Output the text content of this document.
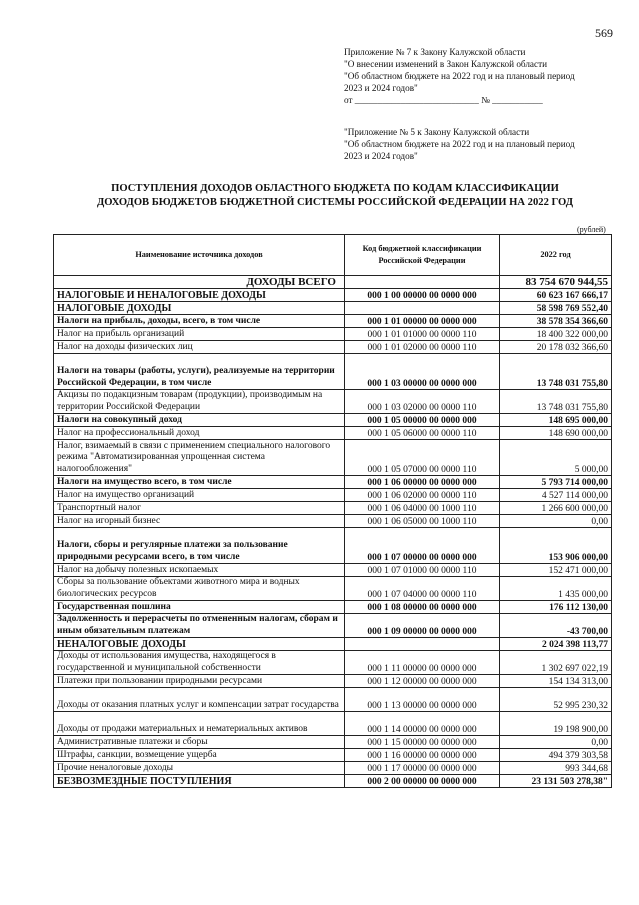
569
Приложение № 7 к Закону Калужской области
"О внесении изменений в Закон Калужской области
"Об областном бюджете на 2022 год и на плановый период
2023 и 2024 годов"
от ___________________________ № ___________
"Приложение № 5 к Закону Калужской области
"Об областном бюджете на 2022 год и на плановый период
2023 и 2024 годов"
ПОСТУПЛЕНИЯ ДОХОДОВ ОБЛАСТНОГО БЮДЖЕТА ПО КОДАМ КЛАССИФИКАЦИИ
ДОХОДОВ БЮДЖЕТОВ БЮДЖЕТНОЙ СИСТЕМЫ РОССИЙСКОЙ ФЕДЕРАЦИИ НА 2022 ГОД
(рублей)
Наименование источника доходов	Код бюджетной классификации Российской Федерации	2022 год
ДОХОДЫ ВСЕГО		83 754 670 944,55
НАЛОГОВЫЕ И НЕНАЛОГОВЫЕ ДОХОДЫ	000 1 00 00000 00 0000 000	60 623 167 666,17
НАЛОГОВЫЕ ДОХОДЫ		58 598 769 552,40
Налоги на прибыль, доходы, всего, в том числе	000 1 01 00000 00 0000 000	38 578 354 366,60
Налог на прибыль организаций	000 1 01 01000 00 0000 110	18 400 322 000,00
Налог на доходы физических лиц	000 1 01 02000 00 0000 110	20 178 032 366,60
Налоги на товары (работы, услуги), реализуемые на территории Российской Федерации, в том числе	000 1 03 00000 00 0000 000	13 748 031 755,80
Акцизы по подакцизным товарам (продукции), производимым на территории Российской Федерации	000 1 03 02000 00 0000 110	13 748 031 755,80
Налоги на совокупный доход	000 1 05 00000 00 0000 000	148 695 000,00
Налог на профессиональный доход	000 1 05 06000 00 0000 110	148 690 000,00
Налог, взимаемый в связи с применением специального налогового режима "Автоматизированная упрощенная система налогообложения"	000 1 05 07000 00 0000 110	5 000,00
Налоги на имущество всего, в том числе	000 1 06 00000 00 0000 000	5 793 714 000,00
Налог на имущество организаций	000 1 06 02000 00 0000 110	4 527 114 000,00
Транспортный налог	000 1 06 04000 00 1000 110	1 266 600 000,00
Налог на игорный бизнес	000 1 06 05000 00 1000 110	0,00
Налоги, сборы и регулярные платежи за пользование природными ресурсами всего, в том числе	000 1 07 00000 00 0000 000	153 906 000,00
Налог на добычу полезных ископаемых	000 1 07 01000 00 0000 110	152 471 000,00
Сборы за пользование объектами животного мира и водных биологических ресурсов	000 1 07 04000 00 0000 110	1 435 000,00
Государственная пошлина	000 1 08 00000 00 0000 000	176 112 130,00
Задолженность и перерасчеты по отмененным налогам, сборам и иным обязательным платежам	000 1 09 00000 00 0000 000	-43 700,00
НЕНАЛОГОВЫЕ ДОХОДЫ		2 024 398 113,77
Доходы от использования имущества, находящегося в государственной и муниципальной собственности	000 1 11 00000 00 0000 000	1 302 697 022,19
Платежи при пользовании природными ресурсами	000 1 12 00000 00 0000 000	154 134 313,00
Доходы от оказания платных услуг и компенсации затрат государства	000 1 13 00000 00 0000 000	52 995 230,32
Доходы от продажи материальных и нематериальных активов	000 1 14 00000 00 0000 000	19 198 900,00
Административные платежи и сборы	000 1 15 00000 00 0000 000	0,00
Штрафы, санкции, возмещение ущерба	000 1 16 00000 00 0000 000	494 379 303,58
Прочие неналоговые доходы	000 1 17 00000 00 0000 000	993 344,68
БЕЗВОЗМЕЗДНЫЕ ПОСТУПЛЕНИЯ	000 2 00 00000 00 0000 000	23 131 503 278,38"
